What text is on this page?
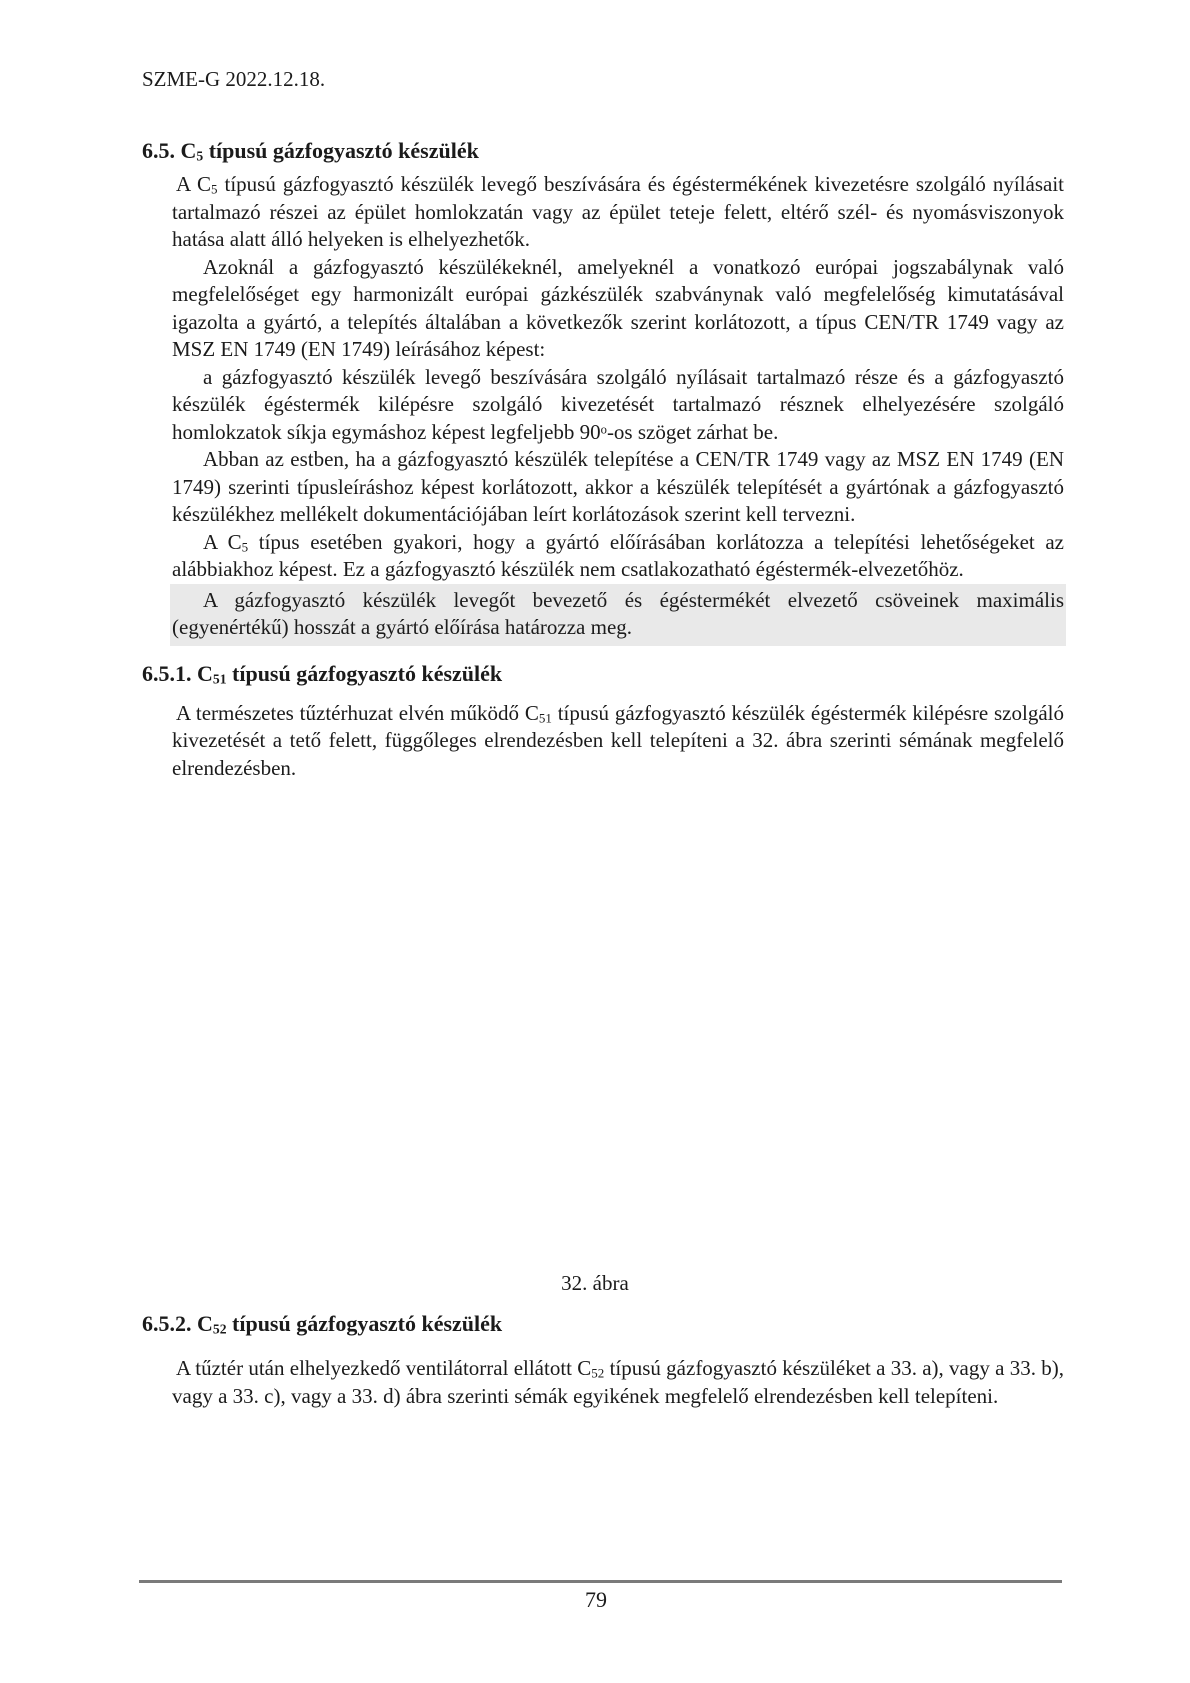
SZME-G 2022.12.18.
6.5. $C_5$ típusú gázfogyasztó készülék

A $C_5$ típusú gázfogyasztó készülék levegő beszívására és égéstermékének kivezetésre szolgáló nyílásait tartalmazó részei az épület homlokzatán vagy az épület teteje felett, eltérő szél- és nyomásviszonyok hatása alatt álló helyeken is elhelyezhetők.

Azoknál a gázfogyasztó készülékeknél, amelyeknél a vonatkozó európai jogszabálynak való megfelelőséget egy harmonizált európai gázkészülék szabványnak való megfelelőség kimutatásával igazolta a gyártó, a telepítés általában a következők szerint korlátozott, a típus CEN/TR 1749 vagy az MSZ EN 1749 (EN 1749) leírásához képest:

a gázfogyasztó készülék levegő beszívására szolgáló nyílásait tartalmazó része és a gázfogyasztó készülék égéstermék kilépésre szolgáló kivezetését tartalmazó résznek elhelyezésére szolgáló homlokzatok síkja egymáshoz képest legfeljebb 90$^o$-os szöget zárhat be.

Abban az estben, ha a gázfogyasztó készülék telepítése a CEN/TR 1749 vagy az MSZ EN 1749 (EN 1749) szerinti típusleíráshoz képest korlátozott, akkor a készülék telepítését a gyártónak a gázfogyasztó készülékhez mellékelt dokumentációjában leírt korlátozások szerint kell tervezni.

A $C_5$ típus esetében gyakori, hogy a gyártó előírásában korlátozza a telepítési lehetőségeket az alábbiakhoz képest. Ez a gázfogyasztó készülék nem csatlakozatható égéstermék-elvezetőhöz.

A gázfogyasztó készülék levegőt bevezető és égéstermékét elvezető csöveinek maximális (egyenértékű) hosszát a gyártó előírása határozza meg.

6.5.1. $C_{51}$ típusú gázfogyasztó készülék

A természetes tűztérhuzat elvén működő $C_{51}$ típusú gázfogyasztó készülék égéstermék kilépésre szolgáló kivezetését a tető felett, függőleges elrendezésben kell telepíteni a 32. ábra szerinti sémának megfelelő elrendezésben.

32. ábra
6.5.2. $C_{52}$ típusú gázfogyasztó készülék

A tűztér után elhelyezkedő ventilátorral ellátott $C_{52}$ típusú gázfogyasztó készüléket a 33. a), vagy a 33. b), vagy a 33. c), vagy a 33. d) ábra szerinti sémák egyikének megfelelő elrendezésben kell telepíteni.

79
